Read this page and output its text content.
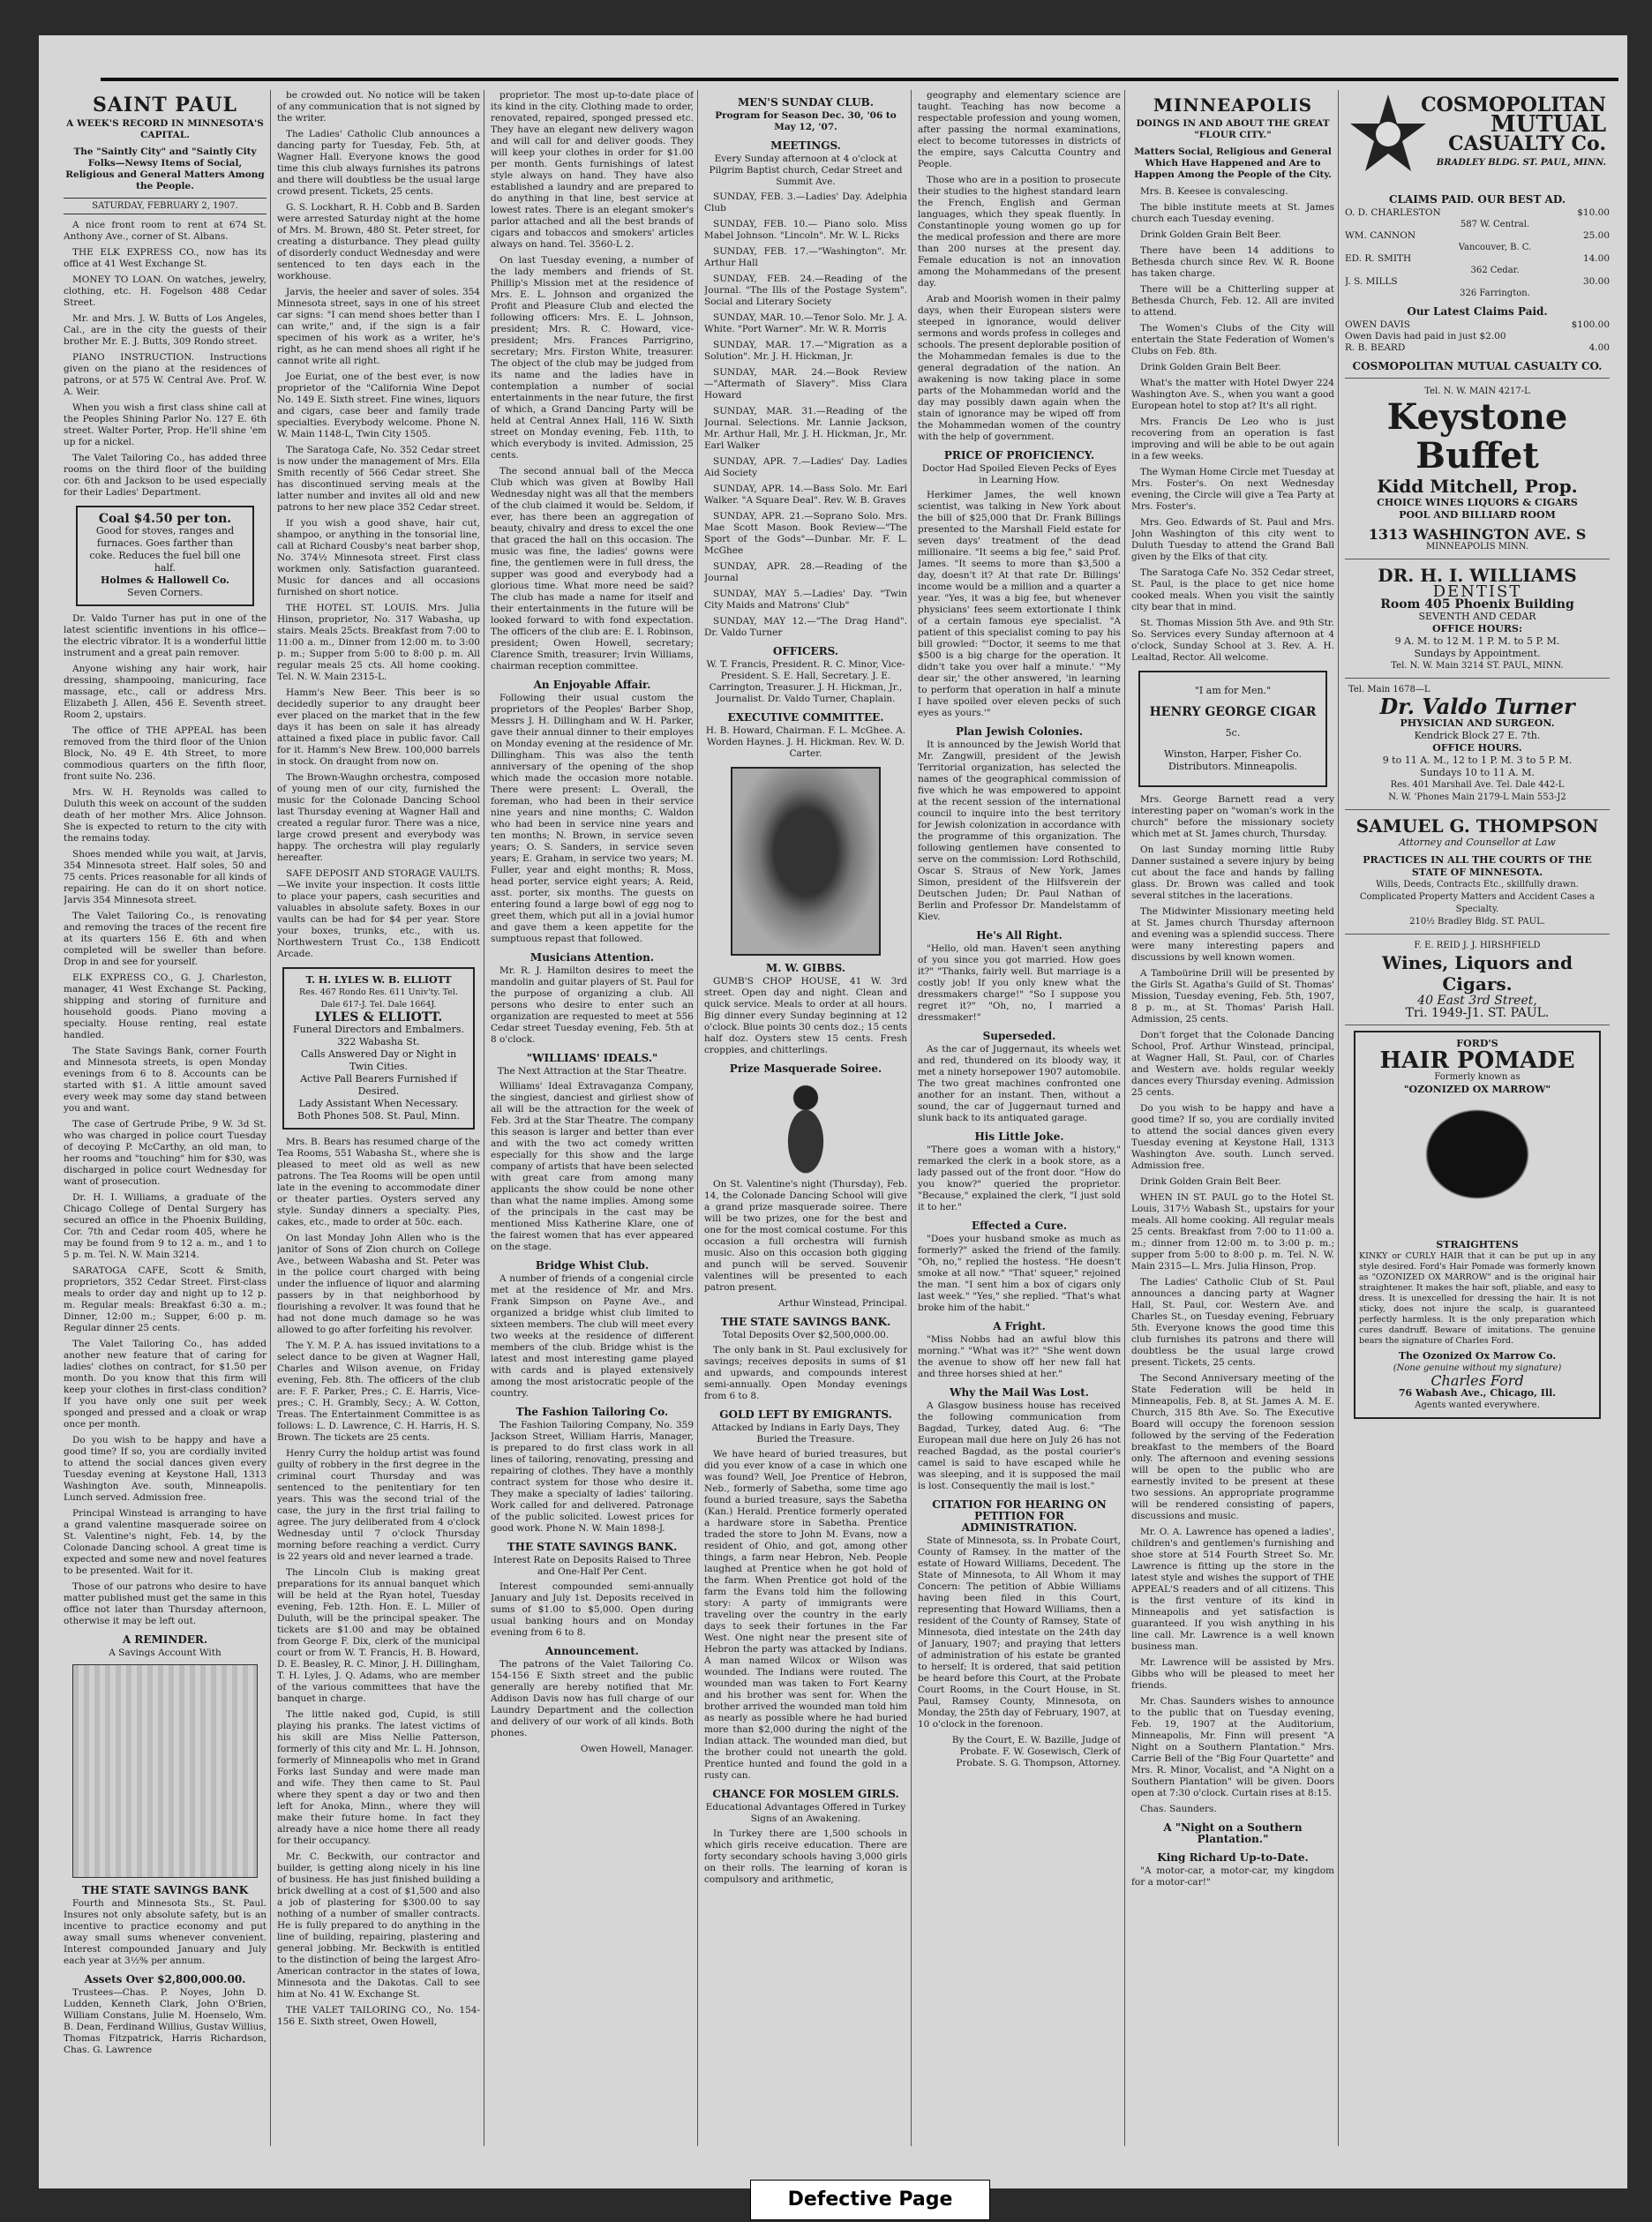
SAINT PAUL
A WEEK'S RECORD IN MINNESOTA'S CAPITAL.
The "Saintly City" and "Saintly City Folks—Newsy Items of Social, Religious and General Matters Among the People.
SATURDAY, FEBRUARY 2, 1907.

A nice front room to rent at 674 St. Anthony Ave., corner of St. Albans.

THE ELK EXPRESS CO., now has its office at 41 West Exchange St.

MONEY TO LOAN. On watches, jewelry, clothing, etc. H. Fogelson 488 Cedar Street.

Mr. and Mrs. J. W. Butts of Los Angeles, Cal., are in the city the guests of their brother Mr. E. J. Butts, 309 Rondo street.

PIANO INSTRUCTION. Instructions given on the piano at the residences of patrons, or at 575 W. Central Ave. Prof. W. A. Weir.

When you wish a first class shine call at the Peoples Shining Parlor No. 127 E. 6th street. Walter Porter, Prop. He'll shine 'em up for a nickel.

The Valet Tailoring Co., has added three rooms on the third floor of the building cor. 6th and Jackson to be used especially for their Ladies' Department.

Coal $4.50 per ton.
Good for stoves, ranges and furnaces. Goes farther than coke. Reduces the fuel bill one half.
Holmes & Hallowell Co.
Seven Corners.

Dr. Valdo Turner has put in one of the latest scientific inventions in his office—the electric vibrator. It is a wonderful little instrument and a great pain remover.

Anyone wishing any hair work, hair dressing, shampooing, manicuring, face massage, etc., call or address Mrs. Elizabeth J. Allen, 456 E. Seventh street. Room 2, upstairs.

The office of THE APPEAL has been removed from the third floor of the Union Block, No. 49 E. 4th Street, to more commodious quarters on the fifth floor, front suite No. 236.

Mrs. W. H. Reynolds was called to Duluth this week on account of the sudden death of her mother Mrs. Alice Johnson. She is expected to return to the city with the remains today.

Shoes mended while you wait, at Jarvis, 354 Minnesota street. Half soles, 50 and 75 cents. Prices reasonable for all kinds of repairing. He can do it on short notice. Jarvis 354 Minnesota street.

The Valet Tailoring Co., is renovating and removing the traces of the recent fire at its quarters 156 E. 6th and when completed will be sweller than before. Drop in and see for yourself.

ELK EXPRESS CO., G. J. Charleston, manager, 41 West Exchange St. Packing, shipping and storing of furniture and household goods. Piano moving a specialty. House renting, real estate handled.

The State Savings Bank, corner Fourth and Minnesota streets, is open Monday evenings from 6 to 8. Accounts can be started with $1. A little amount saved every week may some day stand between you and want.

The case of Gertrude Pribe, 9 W. 3d St. who was charged in police court Tuesday of decoying P. McCarthy, an old man, to her rooms and "touching" him for $30, was discharged in police court Wednesday for want of prosecution.

Dr. H. I. Williams, a graduate of the Chicago College of Dental Surgery has secured an office in the Phoenix Building, Cor. 7th and Cedar room 405, where he may be found from 9 to 12 a. m., and 1 to 5 p. m. Tel. N. W. Main 3214.

SARATOGA CAFE, Scott & Smith, proprietors, 352 Cedar Street. First-class meals to order day and night up to 12 p. m. Regular meals: Breakfast 6:30 a. m.; Dinner, 12:00 m.; Supper, 6:00 p. m. Regular dinner 25 cents.

The Valet Tailoring Co., has added another new feature that of caring for ladies' clothes on contract, for $1.50 per month. Do you know that this firm will keep your clothes in first-class condition? If you have only one suit per week sponged and pressed and a cloak or wrap once per month.

Do you wish to be happy and have a good time? If so, you are cordially invited to attend the social dances given every Tuesday evening at Keystone Hall, 1313 Washington Ave. south, Minneapolis. Lunch served. Admission free.

Principal Winstead is arranging to have a grand valentine masquerade soiree on St. Valentine's night, Feb. 14, by the Colonade Dancing school. A great time is expected and some new and novel features to be presented. Wait for it.

Those of our patrons who desire to have matter published must get the same in this office not later than Thursday afternoon, otherwise it may be left out.

A REMINDER.
A Savings Account With
THE STATE SAVINGS BANK

Fourth and Minnesota Sts., St. Paul. Insures not only absolute safety, but is an incentive to practice economy and put away small sums whenever convenient. Interest compounded January and July each year at 3½% per annum.

Assets Over $2,800,000.00.

Trustees—Chas. P. Noyes, John D. Ludden, Kenneth Clark, John O'Brien, William Constans, Julie M. Hoenselo, Wm. B. Dean, Ferdinand Willius, Gustav Willius, Thomas Fitzpatrick, Harris Richardson, Chas. G. Lawrence

be crowded out. No notice will be taken of any communication that is not signed by the writer.

The Ladies' Catholic Club announces a dancing party for Tuesday, Feb. 5th, at Wagner Hall. Everyone knows the good time this club always furnishes its patrons and there will doubtless be the usual large crowd present. Tickets, 25 cents.

G. S. Lockhart, R. H. Cobb and B. Sarden were arrested Saturday night at the home of Mrs. M. Brown, 480 St. Peter street, for creating a disturbance. They plead guilty of disorderly conduct Wednesday and were sentenced to ten days each in the workhouse.

Jarvis, the heeler and saver of soles. 354 Minnesota street, says in one of his street car signs: "I can mend shoes better than I can write," and, if the sign is a fair specimen of his work as a writer, he's right, as he can mend shoes all right if he cannot write all right.

Joe Euriat, one of the best ever, is now proprietor of the "California Wine Depot No. 149 E. Sixth street. Fine wines, liquors and cigars, case beer and family trade specialties. Everybody welcome. Phone N. W. Main 1148-L, Twin City 1505.

The Saratoga Cafe, No. 352 Cedar street is now under the management of Mrs. Ella Smith recently of 566 Cedar street. She has discontinued serving meals at the latter number and invites all old and new patrons to her new place 352 Cedar street.

If you wish a good shave, hair cut, shampoo, or anything in the tonsorial line, call at Richard Cousby's neat barber shop, No. 374½ Minnesota street. First class workmen only. Satisfaction guaranteed. Music for dances and all occasions furnished on short notice.

THE HOTEL ST. LOUIS. Mrs. Julia Hinson, proprietor, No. 317 Wabasha, up stairs. Meals 25cts. Breakfast from 7:00 to 11:00 a. m., Dinner from 12:00 m. to 3:00 p. m.; Supper from 5:00 to 8:00 p. m. All regular meals 25 cts. All home cooking. Tel. N. W. Main 2315-L.

Hamm's New Beer. This beer is so decidedly superior to any draught beer ever placed on the market that in the few days it has been on sale it has already attained a fixed place in public favor. Call for it. Hamm's New Brew. 100,000 barrels in stock. On draught from now on.

The Brown-Waughn orchestra, composed of young men of our city, furnished the music for the Colonade Dancing School last Thursday evening at Wagner Hall and created a regular furor. There was a nice, large crowd present and everybody was happy. The orchestra will play regularly hereafter.

SAFE DEPOSIT AND STORAGE VAULTS.—We invite your inspection. It costs little to place your papers, cash securities and valuables in absolute safety. Boxes in our vaults can be had for $4 per year. Store your boxes, trunks, etc., with us. Northwestern Trust Co., 138 Endicott Arcade.

T. H. LYLES W. B. ELLIOTT
Res. 467 Rondo Res. 611 Univ'ty. Tel. Dale 617-J. Tel. Dale 1664J.
LYLES & ELLIOTT.
Funeral Directors and Embalmers. 322 Wabasha St.
Calls Answered Day or Night in Twin Cities.
Active Pall Bearers Furnished if Desired.
Lady Assistant When Necessary.
Both Phones 508. St. Paul, Minn.

Mrs. B. Bears has resumed charge of the Tea Rooms, 551 Wabasha St., where she is pleased to meet old as well as new patrons. The Tea Rooms will be open until late in the evening to accommodate diner or theater parties. Oysters served any style. Sunday dinners a specialty. Pies, cakes, etc., made to order at 50c. each.

On last Monday John Allen who is the janitor of Sons of Zion church on College Ave., between Wabasha and St. Peter was in the police court charged with being under the influence of liquor and alarming passers by in that neighborhood by flourishing a revolver. It was found that he had not done much damage so he was allowed to go after forfeiting his revolver.

The Y. M. P. A. has issued invitations to a select dance to be given at Wagner Hall, Charles and Wilson avenue, on Friday evening, Feb. 8th. The officers of the club are: F. F. Parker, Pres.; C. E. Harris, Vice-pres.; C. H. Grambly, Secy.; A. W. Cotton, Treas. The Entertainment Committee is as follows: L. D. Lawrence, C. H. Harris, H. S. Brown. The tickets are 25 cents.

Henry Curry the holdup artist was found guilty of robbery in the first degree in the criminal court Thursday and was sentenced to the penitentiary for ten years. This was the second trial of the case, the jury in the first trial failing to agree. The jury deliberated from 4 o'clock Wednesday until 7 o'clock Thursday morning before reaching a verdict. Curry is 22 years old and never learned a trade.

The Lincoln Club is making great preparations for its annual banquet which will be held at the Ryan hotel, Tuesday evening, Feb. 12th. Hon. E. L. Miller of Duluth, will be the principal speaker. The tickets are $1.00 and may be obtained from George F. Dix, clerk of the municipal court or from W. T. Francis, H. B. Howard, D. E. Beasley, R. C. Minor, J. H. Dillingham, T. H. Lyles, J. Q. Adams, who are member of the various committees that have the banquet in charge.

The little naked god, Cupid, is still playing his pranks. The latest victims of his skill are Miss Nellie Patterson, formerly of this city and Mr. L. H. Johnson, formerly of Minneapolis who met in Grand Forks last Sunday and were made man and wife. They then came to St. Paul where they spent a day or two and then left for Anoka, Minn., where they will make their future home. In fact they already have a nice home there all ready for their occupancy.

Mr. C. Beckwith, our contractor and builder, is getting along nicely in his line of business. He has just finished building a brick dwelling at a cost of $1,500 and also a job of plastering for $300.00 to say nothing of a number of smaller contracts. He is fully prepared to do anything in the line of building, repairing, plastering and general jobbing. Mr. Beckwith is entitled to the distinction of being the largest Afro-American contractor in the states of Iowa, Minnesota and the Dakotas. Call to see him at No. 41 W. Exchange St.

THE VALET TAILORING CO., No. 154-156 E. Sixth street, Owen Howell,

proprietor. The most up-to-date place of its kind in the city. Clothing made to order, renovated, repaired, sponged pressed etc. They have an elegant new delivery wagon and will call for and deliver goods. They will keep your clothes in order for $1.00 per month. Gents furnishings of latest style always on hand. They have also established a laundry and are prepared to do anything in that line, best service at lowest rates. There is an elegant smoker's parlor attached and all the best brands of cigars and tobaccos and smokers' articles always on hand. Tel. 3560-L 2.

On last Tuesday evening, a number of the lady members and friends of St. Phillip's Mission met at the residence of Mrs. E. L. Johnson and organized the Profit and Pleasure Club and elected the following officers: Mrs. E. L. Johnson, president; Mrs. R. C. Howard, vice-president; Mrs. Frances Parrigrino, secretary; Mrs. Firston White, treasurer. The object of the club may be judged from its name and the ladies have in contemplation a number of social entertainments in the near future, the first of which, a Grand Dancing Party will be held at Central Annex Hall, 116 W. Sixth street on Monday evening, Feb. 11th, to which everybody is invited. Admission, 25 cents.

The second annual ball of the Mecca Club which was given at Bowlby Hall Wednesday night was all that the members of the club claimed it would be. Seldom, if ever, has there been an aggregation of beauty, chivalry and dress to excel the one that graced the hall on this occasion. The music was fine, the ladies' gowns were fine, the gentlemen were in full dress, the supper was good and everybody had a glorious time. What more need be said? The club has made a name for itself and their entertainments in the future will be looked forward to with fond expectation. The officers of the club are: E. I. Robinson, president; Owen Howell, secretary; Clarence Smith, treasurer; Irvin Williams, chairman reception committee.

An Enjoyable Affair.

Following their usual custom the proprietors of the Peoples' Barber Shop, Messrs J. H. Dillingham and W. H. Parker, gave their annual dinner to their employes on Monday evening at the residence of Mr. Dillingham. This was also the tenth anniversary of the opening of the shop which made the occasion more notable. There were present: L. Overall, the foreman, who had been in their service nine years and nine months; C. Waldon who had been in service nine years and ten months; N. Brown, in service seven years; O. S. Sanders, in service seven years; E. Graham, in service two years; M. Fuller, year and eight months; R. Moss, head porter, service eight years; A. Reid, asst. porter, six months. The guests on entering found a large bowl of egg nog to greet them, which put all in a jovial humor and gave them a keen appetite for the sumptuous repast that followed.

Musicians Attention.

Mr. R. J. Hamilton desires to meet the mandolin and guitar players of St. Paul for the purpose of organizing a club. All persons who desire to enter such an organization are requested to meet at 556 Cedar street Tuesday evening, Feb. 5th at 8 o'clock.

"WILLIAMS' IDEALS."
The Next Attraction at the Star Theatre.

Williams' Ideal Extravaganza Company, the singiest, danciest and girliest show of all will be the attraction for the week of Feb. 3rd at the Star Theatre. The company this season is larger and better than ever and with the two act comedy written especially for this show and the large company of artists that have been selected with great care from among many applicants the show could be none other than what the name implies. Among some of the principals in the cast may be mentioned Miss Katherine Klare, one of the fairest women that has ever appeared on the stage.

Bridge Whist Club.

A number of friends of a congenial circle met at the residence of Mr. and Mrs. Frank Simpson on Payne Ave., and organized a bridge whist club limited to sixteen members. The club will meet every two weeks at the residence of different members of the club. Bridge whist is the latest and most interesting game played with cards and is played extensively among the most aristocratic people of the country.

The Fashion Tailoring Co.

The Fashion Tailoring Company, No. 359 Jackson Street, William Harris, Manager, is prepared to do first class work in all lines of tailoring, renovating, pressing and repairing of clothes. They have a monthly contract system for those who desire it. They make a specialty of ladies' tailoring. Work called for and delivered. Patronage of the public solicited. Lowest prices for good work. Phone N. W. Main 1898-J.

THE STATE SAVINGS BANK.
Interest Rate on Deposits Raised to Three and One-Half Per Cent.

Interest compounded semi-annually January and July 1st. Deposits received in sums of $1.00 to $5,000. Open during usual banking hours and on Monday evening from 6 to 8.

Announcement.

The patrons of the Valet Tailoring Co. 154-156 E Sixth street and the public generally are hereby notified that Mr. Addison Davis now has full charge of our Laundry Department and the collection and delivery of our work of all kinds. Both phones.

Owen Howell, Manager.
MEN'S SUNDAY CLUB.
Program for Season Dec. 30, '06 to May 12, '07.
MEETINGS.
Every Sunday afternoon at 4 o'clock at Pilgrim Baptist church, Cedar Street and Summit Ave.

SUNDAY, FEB. 3.—Ladies' Day. Adelphia Club

SUNDAY, FEB. 10.— Piano solo. Miss Mabel Johnson. "Lincoln". Mr. W. L. Ricks

SUNDAY, FEB. 17.—"Washington". Mr. Arthur Hall

SUNDAY, FEB. 24.—Reading of the Journal. "The Ills of the Postage System". Social and Literary Society

SUNDAY, MAR. 10.—Tenor Solo. Mr. J. A. White. "Port Warner". Mr. W. R. Morris

SUNDAY, MAR. 17.—"Migration as a Solution". Mr. J. H. Hickman, Jr.

SUNDAY, MAR. 24.—Book Review—"Aftermath of Slavery". Miss Clara Howard

SUNDAY, MAR. 31.—Reading of the Journal. Selections. Mr. Lannie Jackson, Mr. Arthur Hall, Mr. J. H. Hickman, Jr., Mr. Earl Walker

SUNDAY, APR. 7.—Ladies' Day. Ladies Aid Society

SUNDAY, APR. 14.—Bass Solo. Mr. Earl Walker. "A Square Deal". Rev. W. B. Graves

SUNDAY, APR. 21.—Soprano Solo. Mrs. Mae Scott Mason. Book Review—"The Sport of the Gods"—Dunbar. Mr. F. L. McGhee

SUNDAY, APR. 28.—Reading of the Journal

SUNDAY, MAY 5.—Ladies' Day. "Twin City Maids and Matrons' Club"

SUNDAY, MAY 12.—"The Drag Hand". Dr. Valdo Turner

OFFICERS.
W. T. Francis, President. R. C. Minor, Vice-President. S. E. Hall, Secretary. J. E. Carrington, Treasurer. J. H. Hickman, Jr., Journalist. Dr. Valdo Turner, Chaplain.
EXECUTIVE COMMITTEE.
H. B. Howard, Chairman. F. L. McGhee. A. Worden Haynes. J. H. Hickman. Rev. W. D. Carter.
M. W. GIBBS.

GUMB'S CHOP HOUSE, 41 W. 3rd street. Open day and night. Clean and quick service. Meals to order at all hours. Big dinner every Sunday beginning at 12 o'clock. Blue points 30 cents doz.; 15 cents half doz. Oysters stew 15 cents. Fresh croppies, and chitterlings.

Prize Masquerade Soiree.

On St. Valentine's night (Thursday), Feb. 14, the Colonade Dancing School will give a grand prize masquerade soiree. There will be two prizes, one for the best and one for the most comical costume. For this occasion a full orchestra will furnish music. Also on this occasion both gigging and punch will be served. Souvenir valentines will be presented to each patron present.

Arthur Winstead, Principal.
THE STATE SAVINGS BANK.
Total Deposits Over $2,500,000.00.

The only bank in St. Paul exclusively for savings; receives deposits in sums of $1 and upwards, and compounds interest semi-annually. Open Monday evenings from 6 to 8.

GOLD LEFT BY EMIGRANTS.
Attacked by Indians in Early Days, They Buried the Treasure.

We have heard of buried treasures, but did you ever know of a case in which one was found? Well, Joe Prentice of Hebron, Neb., formerly of Sabetha, some time ago found a buried treasure, says the Sabetha (Kan.) Herald. Prentice formerly operated a hardware store in Sabetha. Prentice traded the store to John M. Evans, now a resident of Ohio, and got, among other things, a farm near Hebron, Neb. People laughed at Prentice when he got hold of the farm. When Prentice got hold of the farm the Evans told him the following story: A party of immigrants were traveling over the country in the early days to seek their fortunes in the Far West. One night near the present site of Hebron the party was attacked by Indians. A man named Wilcox or Wilson was wounded. The Indians were routed. The wounded man was taken to Fort Kearny and his brother was sent for. When the brother arrived the wounded man told him as nearly as possible where he had buried more than $2,000 during the night of the Indian attack. The wounded man died, but the brother could not unearth the gold. Prentice hunted and found the gold in a rusty can.

CHANCE FOR MOSLEM GIRLS.
Educational Advantages Offered in Turkey Signs of an Awakening.

In Turkey there are 1,500 schools in which girls receive education. There are forty secondary schools having 3,000 girls on their rolls. The learning of koran is compulsory and arithmetic,

geography and elementary science are taught. Teaching has now become a respectable profession and young women, after passing the normal examinations, elect to become tutoresses in districts of the empire, says Calcutta Country and People.

Those who are in a position to prosecute their studies to the highest standard learn the French, English and German languages, which they speak fluently. In Constantinople young women go up for the medical profession and there are more than 200 nurses at the present day. Female education is not an innovation among the Mohammedans of the present day.

Arab and Moorish women in their palmy days, when their European sisters were steeped in ignorance, would deliver sermons and words profess in colleges and schools. The present deplorable position of the Mohammedan females is due to the general degradation of the nation. An awakening is now taking place in some parts of the Mohammedan world and the day may possibly dawn again when the stain of ignorance may be wiped off from the Mohammedan women of the country with the help of government.

PRICE OF PROFICIENCY.
Doctor Had Spoiled Eleven Pecks of Eyes in Learning How.

Herkimer James, the well known scientist, was talking in New York about the bill of $25,000 that Dr. Frank Billings presented to the Marshall Field estate for seven days' treatment of the dead millionaire. "It seems a big fee," said Prof. James. "It seems to more than $3,500 a day, doesn't it? At that rate Dr. Billings' income would be a million and a quarter a year. "Yes, it was a big fee, but whenever physicians' fees seem extortionate I think of a certain famous eye specialist. "A patient of this specialist coming to pay his bill growled: "'Doctor, it seems to me that $500 is a big charge for the operation. It didn't take you over half a minute.' "'My dear sir,' the other answered, 'in learning to perform that operation in half a minute I have spoiled over eleven pecks of such eyes as yours.'"

Plan Jewish Colonies.

It is announced by the Jewish World that Mr. Zangwill, president of the Jewish Territorial organization, has selected the names of the geographical commission of five which he was empowered to appoint at the recent session of the international council to inquire into the best territory for Jewish colonization in accordance with the programme of this organization. The following gentlemen have consented to serve on the commission: Lord Rothschild, Oscar S. Straus of New York, James Simon, president of the Hilfsverein der Deutschen Juden; Dr. Paul Nathan of Berlin and Professor Dr. Mandelstamm of Kiev.

He's All Right.

"Hello, old man. Haven't seen anything of you since you got married. How goes it?" "Thanks, fairly well. But marriage is a costly job! If you only knew what the dressmakers charge!" "So I suppose you regret it?" "Oh, no, I married a dressmaker!"

Superseded.

As the car of Juggernaut, its wheels wet and red, thundered on its bloody way, it met a ninety horsepower 1907 automobile. The two great machines confronted one another for an instant. Then, without a sound, the car of Juggernaut turned and slunk back to its antiquated garage.

His Little Joke.

"There goes a woman with a history," remarked the clerk in a book store, as a lady passed out of the front door. "How do you know?" queried the proprietor. "Because," explained the clerk, "I just sold it to her."

Effected a Cure.

"Does your husband smoke as much as formerly?" asked the friend of the family. "Oh, no," replied the hostess. "He doesn't smoke at all now." "That' squeer," rejoined the man. "I sent him a box of cigars only last week." "Yes," she replied. "That's what broke him of the habit."

A Fright.

"Miss Nobbs had an awful blow this morning." "What was it?" "She went down the avenue to show off her new fall hat and three horses shied at her."

Why the Mail Was Lost.

A Glasgow business house has received the following communication from Bagdad, Turkey, dated Aug. 6: "The European mail due here on July 26 has not reached Bagdad, as the postal courier's camel is said to have escaped while he was sleeping, and it is supposed the mail is lost. Consequently the mail is lost."

CITATION FOR HEARING ON PETITION FOR ADMINISTRATION.

State of Minnesota, ss. In Probate Court, County of Ramsey. In the matter of the estate of Howard Williams, Decedent. The State of Minnesota, to All Whom it may Concern: The petition of Abbie Williams having been filed in this Court, representing that Howard Williams, then a resident of the County of Ramsey, State of Minnesota, died intestate on the 24th day of January, 1907; and praying that letters of administration of his estate be granted to herself; It is ordered, that said petition be heard before this Court, at the Probate Court Rooms, in the Court House, in St. Paul, Ramsey County, Minnesota, on Monday, the 25th day of February, 1907, at 10 o'clock in the forenoon.

By the Court, E. W. Bazille, Judge of Probate. F. W. Gosewisch, Clerk of Probate. S. G. Thompson, Attorney.
MINNEAPOLIS
DOINGS IN AND ABOUT THE GREAT "FLOUR CITY."
Matters Social, Religious and General Which Have Happened and Are to Happen Among the People of the City.

Mrs. B. Keesee is convalescing.

The bible institute meets at St. James church each Tuesday evening.

Drink Golden Grain Belt Beer.

There have been 14 additions to Bethesda church since Rev. W. R. Boone has taken charge.

There will be a Chitterling supper at Bethesda Church, Feb. 12. All are invited to attend.

The Women's Clubs of the City will entertain the State Federation of Women's Clubs on Feb. 8th.

Drink Golden Grain Belt Beer.

What's the matter with Hotel Dwyer 224 Washington Ave. S., when you want a good European hotel to stop at? It's all right.

Mrs. Francis De Leo who is just recovering from an operation is fast improving and will be able to be out again in a few weeks.

The Wyman Home Circle met Tuesday at Mrs. Foster's. On next Wednesday evening, the Circle will give a Tea Party at Mrs. Foster's.

Mrs. Geo. Edwards of St. Paul and Mrs. John Washington of this city went to Duluth Tuesday to attend the Grand Ball given by the Elks of that city.

The Saratoga Cafe No. 352 Cedar street, St. Paul, is the place to get nice home cooked meals. When you visit the saintly city bear that in mind.

St. Thomas Mission 5th Ave. and 9th Str. So. Services every Sunday afternoon at 4 o'clock, Sunday School at 3. Rev. A. H. Lealtad, Rector. All welcome.

"I am for Men."
HENRY GEORGE CIGAR
5c.
Winston, Harper, Fisher Co.
Distributors. Minneapolis.

Mrs. George Barnett read a very interesting paper on "woman's work in the church" before the missionary society which met at St. James church, Thursday.

On last Sunday morning little Ruby Danner sustained a severe injury by being cut about the face and hands by falling glass. Dr. Brown was called and took several stitches in the lacerations.

The Midwinter Missionary meeting held at St. James church Thursday afternoon and evening was a splendid success. There were many interesting papers and discussions by well known women.

A Tamboürine Drill will be presented by the Girls St. Agatha's Guild of St. Thomas' Mission, Tuesday evening, Feb. 5th, 1907, 8 p. m., at St. Thomas' Parish Hall. Admission, 25 cents.

Don't forget that the Colonade Dancing School, Prof. Arthur Winstead, principal, at Wagner Hall, St. Paul, cor. of Charles and Western ave. holds regular weekly dances every Thursday evening. Admission 25 cents.

Do you wish to be happy and have a good time? If so, you are cordially invited to attend the social dances given every Tuesday evening at Keystone Hall, 1313 Washington Ave. south. Lunch served. Admission free.

Drink Golden Grain Belt Beer.

WHEN IN ST. PAUL go to the Hotel St. Louis, 317½ Wabash St., upstairs for your meals. All home cooking. All regular meals 25 cents. Breakfast from 7:00 to 11:00 a. m.; dinner from 12:00 m. to 3:00 p. m.; supper from 5:00 to 8:00 p. m. Tel. N. W. Main 2315—L. Mrs. Julia Hinson, Prop.

The Ladies' Catholic Club of St. Paul announces a dancing party at Wagner Hall, St. Paul, cor. Western Ave. and Charles St., on Tuesday evening, February 5th. Everyone knows the good time this club furnishes its patrons and there will doubtless be the usual large crowd present. Tickets, 25 cents.

The Second Anniversary meeting of the State Federation will be held in Minneapolis, Feb. 8, at St. James A. M. E. Church, 315 8th Ave. So. The Executive Board will occupy the forenoon session followed by the serving of the Federation breakfast to the members of the Board only. The afternoon and evening sessions will be open to the public who are earnestly invited to be present at these two sessions. An appropriate programme will be rendered consisting of papers, discussions and music.

Mr. O. A. Lawrence has opened a ladies', children's and gentlemen's furnishing and shoe store at 514 Fourth Street So. Mr. Lawrence is fitting up the store in the latest style and wishes the support of THE APPEAL'S readers and of all citizens. This is the first venture of its kind in Minneapolis and yet satisfaction is guaranteed. If you wish anything in his line call. Mr. Lawrence is a well known business man.

Mr. Lawrence will be assisted by Mrs. Gibbs who will be pleased to meet her friends.

Mr. Chas. Saunders wishes to announce to the public that on Tuesday evening, Feb. 19, 1907 at the Auditorium, Minneapolis, Mr. Finn will present "A Night on a Southern Plantation." Mrs. Carrie Bell of the "Big Four Quartette" and Mrs. R. Minor, Vocalist, and "A Night on a Southern Plantation" will be given. Doors open at 7:30 o'clock. Curtain rises at 8:15.

Chas. Saunders.

A "Night on a Southern Plantation."
King Richard Up-to-Date.

"A motor-car, a motor-car, my kingdom for a motor-car!"

COSMOPOLITAN
MUTUAL
CASUALTY Co.
BRADLEY BLDG. ST. PAUL, MINN.
CLAIMS PAID. OUR BEST AD.
O. D. CHARLESTON	$10.00
587 W. Central.
WM. CANNON	25.00
Vancouver, B. C.
ED. R. SMITH	14.00
362 Cedar.
J. S. MILLS	30.00
326 Farrington.
Our Latest Claims Paid.
OWEN DAVIS	$100.00
Owen Davis had paid in just $2.00
R. B. BEARD	4.00
COSMOPOLITAN MUTUAL CASUALTY CO.
Tel. N. W. MAIN 4217-L
Keystone Buffet
Kidd Mitchell, Prop.
CHOICE WINES LIQUORS & CIGARS
POOL AND BILLIARD ROOM
1313 WASHINGTON AVE. S
MINNEAPOLIS MINN.
DR. H. I. WILLIAMS
DENTIST
Room 405 Phoenix Building
SEVENTH AND CEDAR
OFFICE HOURS:
9 A. M. to 12 M. 1 P. M. to 5 P. M.
Sundays by Appointment.
Tel. N. W. Main 3214 ST. PAUL, MINN.
Tel. Main 1678—L
Dr. Valdo Turner
PHYSICIAN AND SURGEON.
Kendrick Block 27 E. 7th.
OFFICE HOURS.
9 to 11 A. M., 12 to 1 P. M. 3 to 5 P. M.
Sundays 10 to 11 A. M.
Res. 401 Marshall Ave. Tel. Dale 442-L
N. W. 'Phones Main 2179-L Main 553-J2
SAMUEL G. THOMPSON
Attorney and Counsellor at Law
PRACTICES IN ALL THE COURTS OF THE STATE OF MINNESOTA.
Wills, Deeds, Contracts Etc., skillfully drawn. Complicated Property Matters and Accident Cases a Specialty.
210½ Bradley Bldg. ST. PAUL.
F. E. REID J. J. HIRSHFIELD
Wines, Liquors and Cigars.
40 East 3rd Street,
Tri. 1949-J1. ST. PAUL.
FORD'S
HAIR POMADE
Formerly known as
"OZONIZED OX MARROW"
STRAIGHTENS
KINKY or CURLY HAIR that it can be put up in any style desired. Ford's Hair Pomade was formerly known as "OZONIZED OX MARROW" and is the original hair straightener. It makes the hair soft, pliable, and easy to dress. It is unexcelled for dressing the hair. It is not sticky, does not injure the scalp, is guaranteed perfectly harmless. It is the only preparation which cures dandruff. Beware of imitations. The genuine bears the signature of Charles Ford.
The Ozonized Ox Marrow Co.
(None genuine without my signature)
Charles Ford
76 Wabash Ave., Chicago, Ill.
Agents wanted everywhere.
Defective Page
